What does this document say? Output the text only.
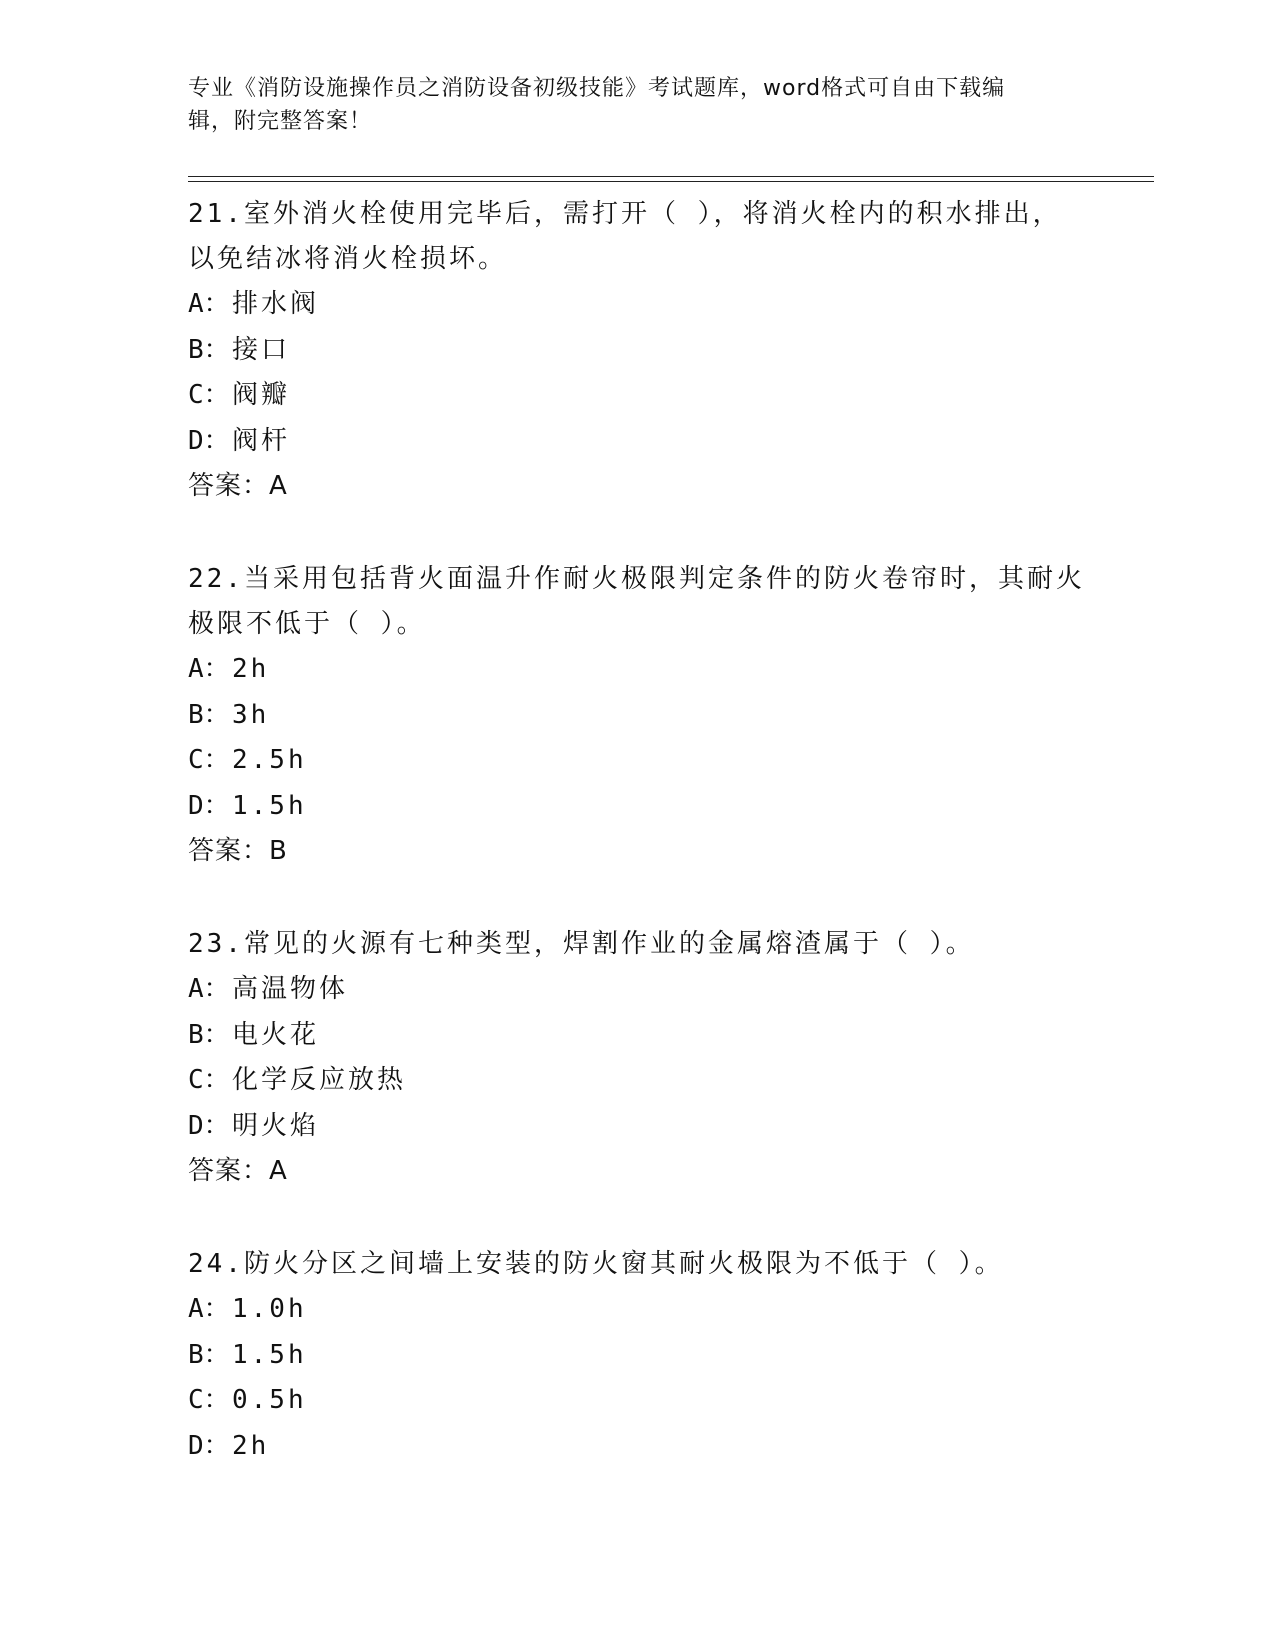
专业《消防设施操作员之消防设备初级技能》考试题库，word格式可自由下载编
辑，附完整答案！
21.室外消火栓使用完毕后，需打开（ ），将消火栓内的积水排出，
以免结冰将消火栓损坏。
A：排水阀
B：接口
C：阀瓣
D：阀杆
答案：A
22.当采用包括背火面温升作耐火极限判定条件的防火卷帘时，其耐火
极限不低于（ ）。
A：2h
B：3h
C：2.5h
D：1.5h
答案：B
23.常见的火源有七种类型，焊割作业的金属熔渣属于（ ）。
A：高温物体
B：电火花
C：化学反应放热
D：明火焰
答案：A
24.防火分区之间墙上安装的防火窗其耐火极限为不低于（ ）。
A：1.0h
B：1.5h
C：0.5h
D：2h
